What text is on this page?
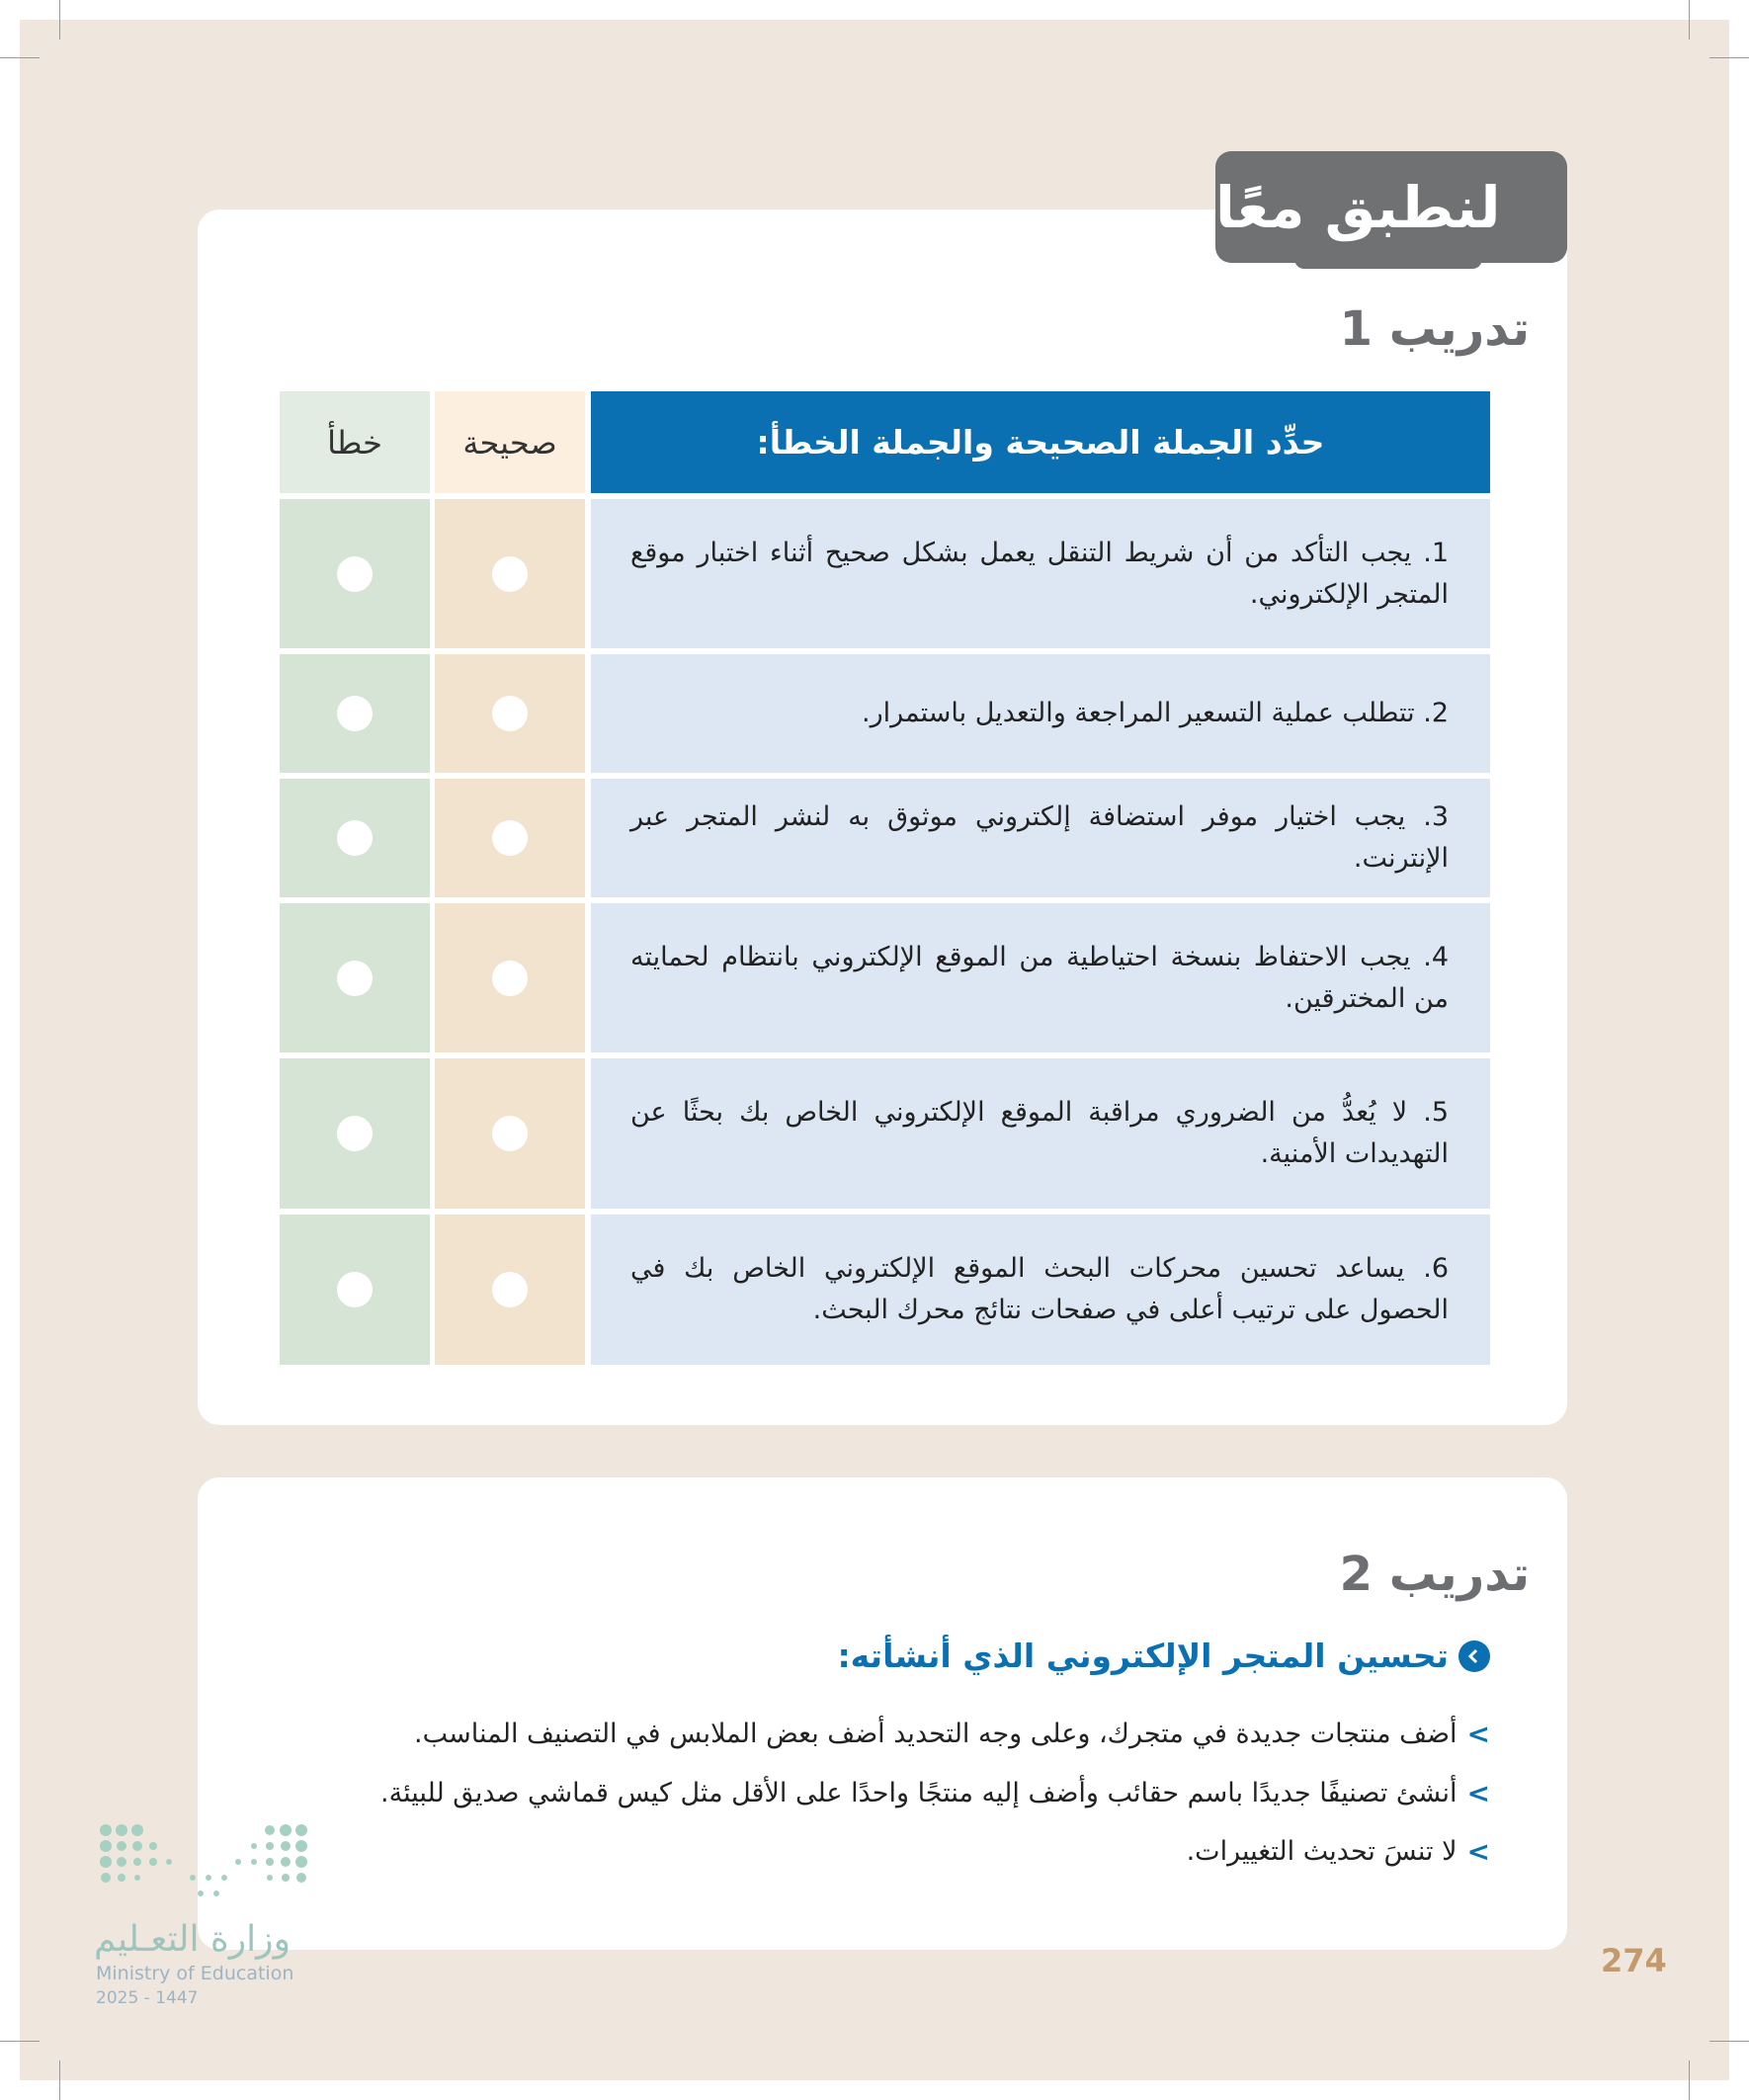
لنطبق معًا
تدريب 1
حدِّد الجملة الصحيحة والجملة الخطأ:
صحيحة
خطأ
1. يجب التأكد من أن شريط التنقل يعمل بشكل صحيح أثناء اختبار موقع المتجر الإلكتروني.
2. تتطلب عملية التسعير المراجعة والتعديل باستمرار.
3. يجب اختيار موفر استضافة إلكتروني موثوق به لنشر المتجر عبر الإنترنت.
4. يجب الاحتفاظ بنسخة احتياطية من الموقع الإلكتروني بانتظام لحمايته من المخترقين.
5. لا يُعدُّ من الضروري مراقبة الموقع الإلكتروني الخاص بك بحثًا عن التهديدات الأمنية.
6. يساعد تحسين محركات البحث الموقع الإلكتروني الخاص بك في الحصول على ترتيب أعلى في صفحات نتائج محرك البحث.
تدريب 2
تحسين المتجر الإلكتروني الذي أنشأته:
>
أضف منتجات جديدة في متجرك، وعلى وجه التحديد أضف بعض الملابس في التصنيف المناسب.
>
أنشئ تصنيفًا جديدًا باسم حقائب وأضف إليه منتجًا واحدًا على الأقل مثل كيس قماشي صديق للبيئة.
>
لا تنسَ تحديث التغييرات.
وزارة التعـليم
Ministry of Education
2025 - 1447
274
